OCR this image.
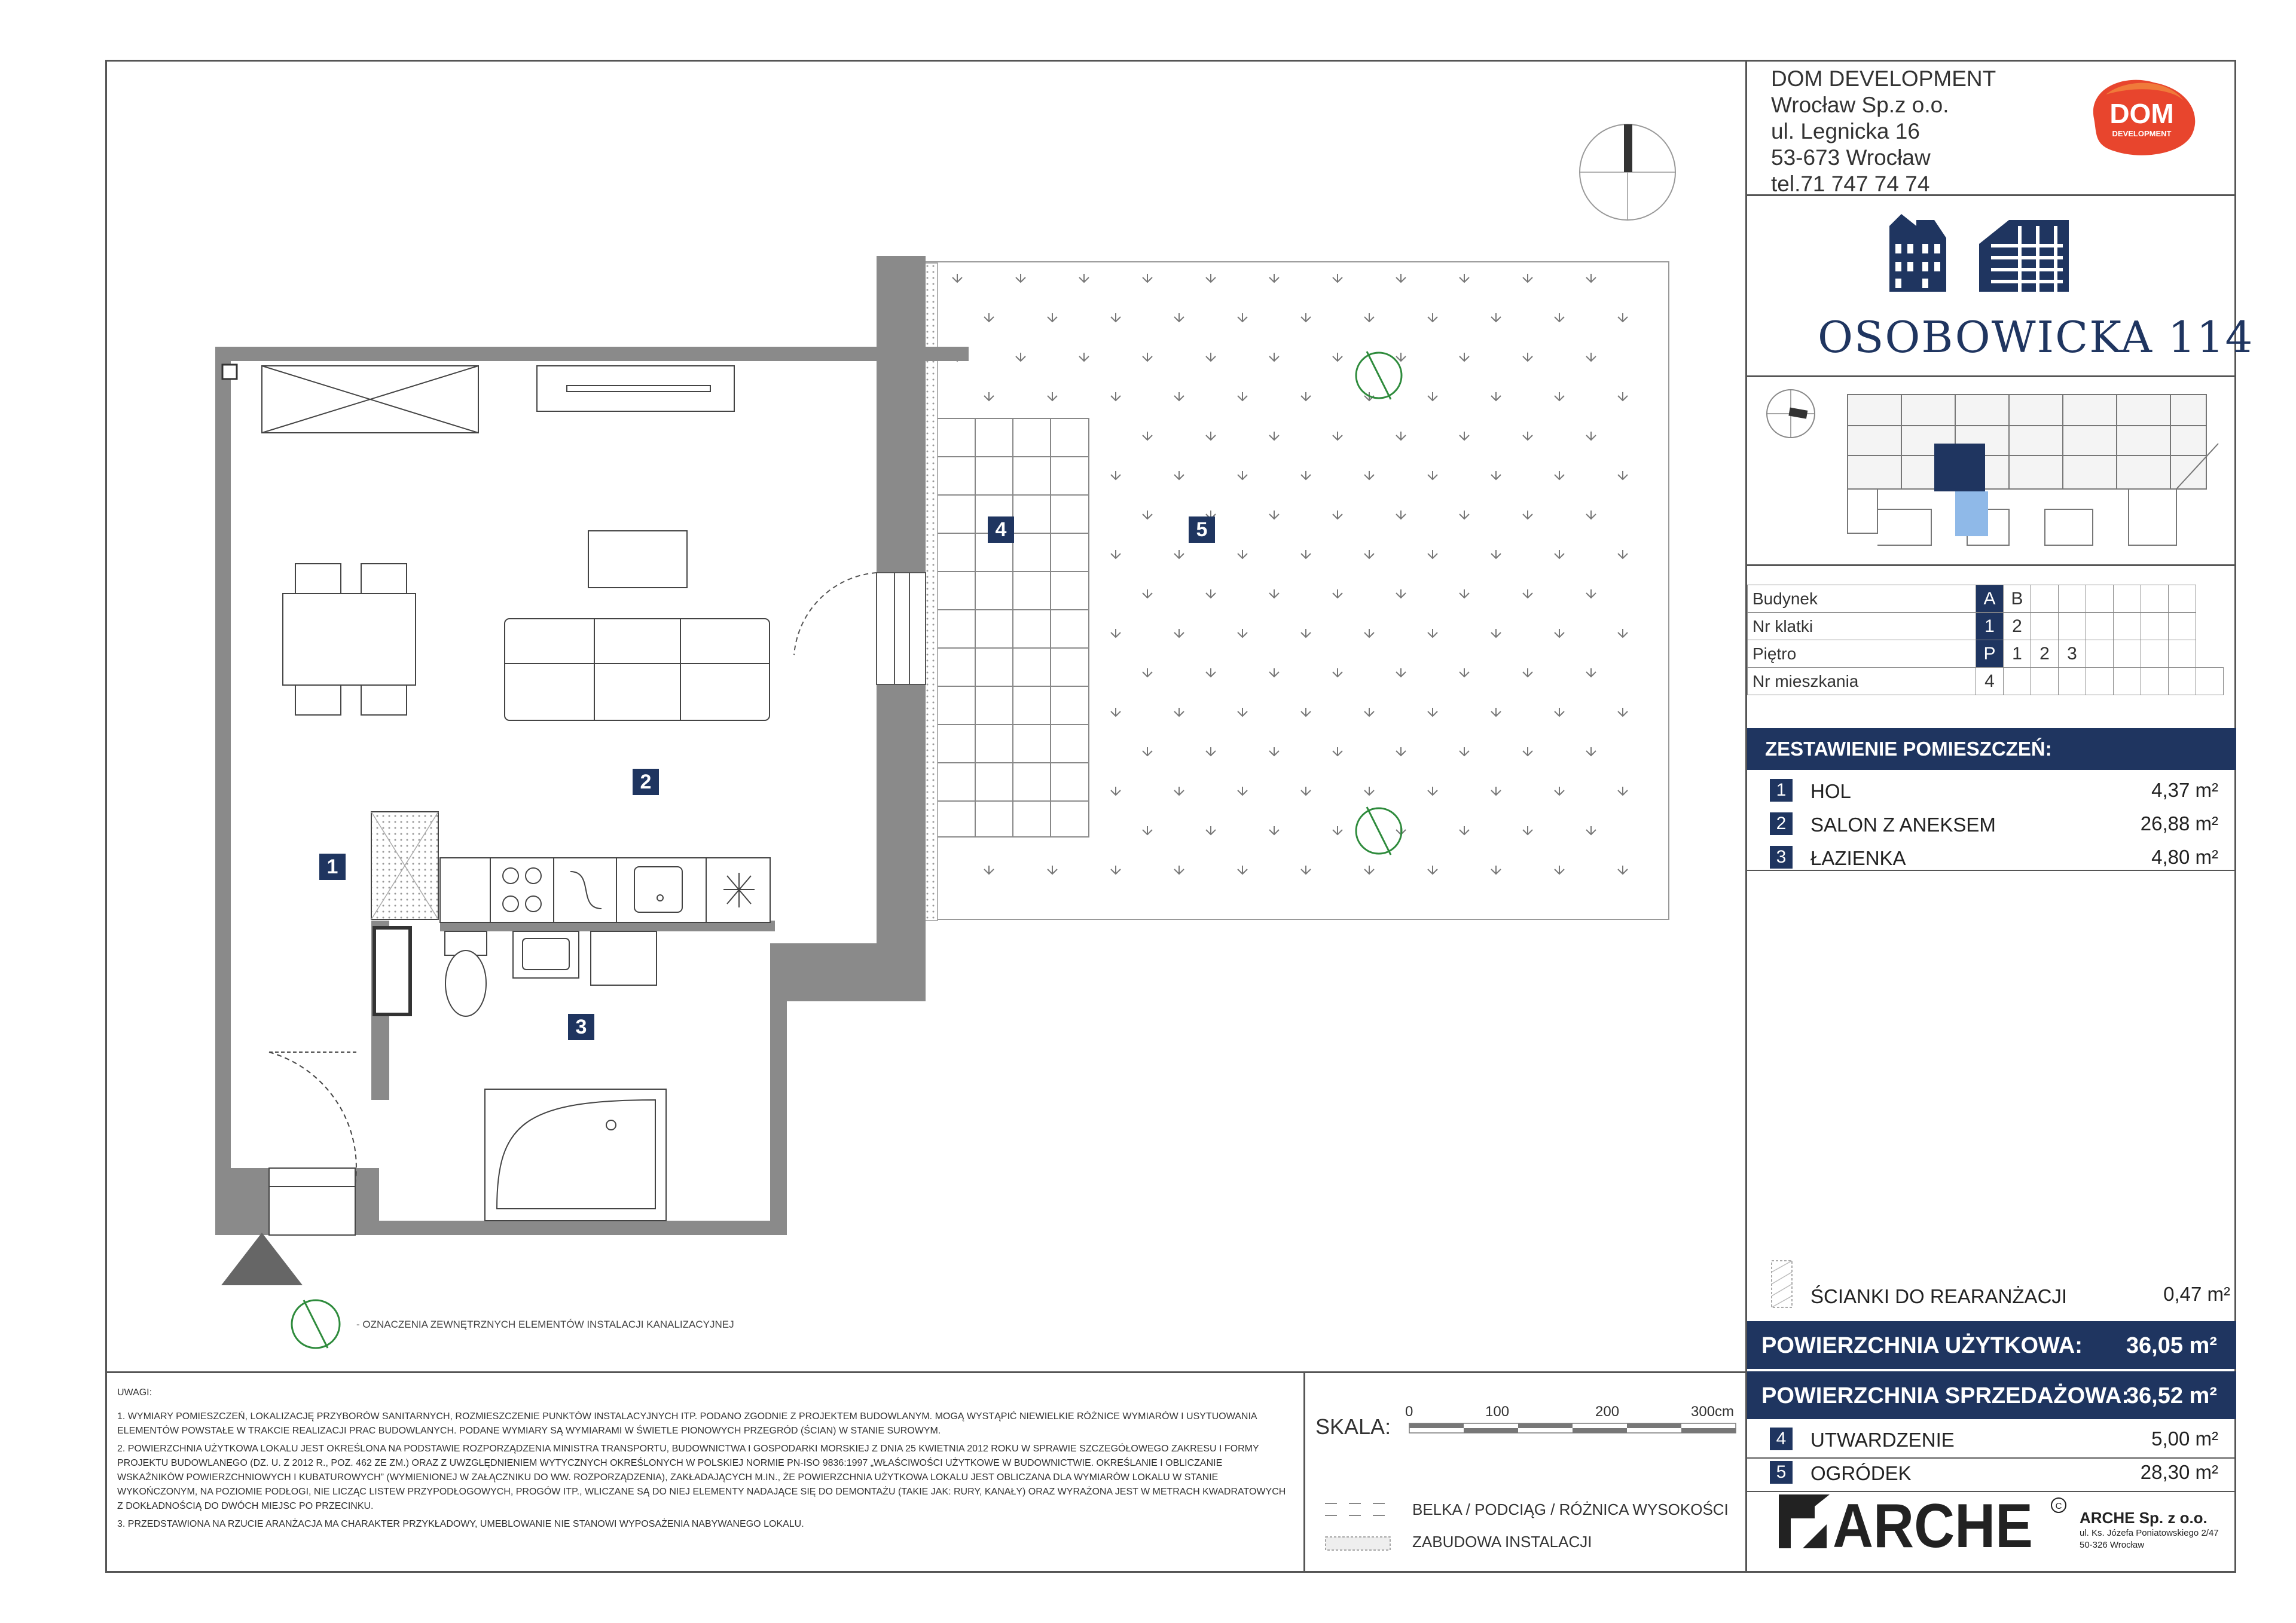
DOM DEVELOPMENT
Wrocław Sp.z o.o.
ul. Legnicka 16
53-673 Wrocław
tel.71 747 74 74
DOM
DEVELOPMENT
OSOBOWICKA 114
Budynek	A	B							
Nr klatki	1	2							
Piętro	P	1	2	3					
Nr mieszkania	4								
ZESTAWIENIE POMIESZCZEŃ:
1	HOL	4,37 m²
2	SALON Z ANEKSEM	26,88 m²
3	ŁAZIENKA	4,80 m²
ŚCIANKI DO REARANŻACJI	0,47 m²
POWIERZCHNIA UŻYTKOWA: 36,05 m²
POWIERZCHNIA SPRZEDAŻOWA:
36,52 m²
4	UTWARDZENIE	5,00 m²
5	OGRÓDEK	28,30 m²
ARCHE	C
ARCHE Sp. z o.o.
ul. Ks. Józefa Poniatowskiego 2/47
50-326 Wrocław

UWAGI:

1. WYMIARY POMIESZCZEŃ, LOKALIZACJĘ PRZYBORÓW SANITARNYCH, ROZMIESZCZENIE PUNKTÓW INSTALACYJNYCH ITP. PODANO ZGODNIE Z PROJEKTEM BUDOWLANYM. MOGĄ WYSTĄPIĆ NIEWIELKIE RÓŻNICE WYMIARÓW I USYTUOWANIA ELEMENTÓW POWSTAŁE W TRAKCIE REALIZACJI PRAC BUDOWLANYCH. PODANE WYMIARY SĄ WYMIARAMI W ŚWIETLE PIONOWYCH PRZEGRÓD (ŚCIAN) W STANIE SUROWYM.

2. POWIERZCHNIA UŻYTKOWA LOKALU JEST OKREŚLONA NA PODSTAWIE ROZPORZĄDZENIA MINISTRA TRANSPORTU, BUDOWNICTWA I GOSPODARKI MORSKIEJ Z DNIA 25 KWIETNIA 2012 ROKU W SPRAWIE SZCZEGÓŁOWEGO ZAKRESU I FORMY PROJEKTU BUDOWLANEGO (DZ. U. Z 2012 R., POZ. 462 ZE ZM.) ORAZ Z UWZGLĘDNIENIEM WYTYCZNYCH OKREŚLONYCH W POLSKIEJ NORMIE PN-ISO 9836:1997 „WŁAŚCIWOŚCI UŻYTKOWE W BUDOWNICTWIE. OKREŚLANIE I OBLICZANIE WSKAŹNIKÓW POWIERZCHNIOWYCH I KUBATUROWYCH” (WYMIENIONEJ W ZAŁĄCZNIKU DO WW. ROZPORZĄDZENIA), ZAKŁADAJĄCYCH M.IN., ŻE POWIERZCHNIA UŻYTKOWA LOKALU JEST OBLICZANA DLA WYMIARÓW LOKALU W STANIE WYKOŃCZONYM, NA POZIOMIE PODŁOGI, NIE LICZĄC LISTEW PRZYPODŁOGOWYCH, PROGÓW ITP., WLICZANE SĄ DO NIEJ ELEMENTY NADAJĄCE SIĘ DO DEMONTAŻU (TAKIE JAK: RURY, KANAŁY) ORAZ WYRAŻONA JEST W METRACH KWADRATOWYCH Z DOKŁADNOŚCIĄ DO DWÓCH MIEJSC PO PRZECINKU.

3. PRZEDSTAWIONA NA RZUCIE ARANŻACJA MA CHARAKTER PRZYKŁADOWY, UMEBLOWANIE NIE STANOWI WYPOSAŻENIA NABYWANEGO LOKALU.

SKALA:
0	100	200	300cm
BELKA / PODCIĄG / RÓŻNICA WYSOKOŚCI
ZABUDOWA INSTALACJI
- OZNACZENIA ZEWNĘTRZNYCH ELEMENTÓW INSTALACJI KANALIZACYJNEJ
1
2
3
4	5
